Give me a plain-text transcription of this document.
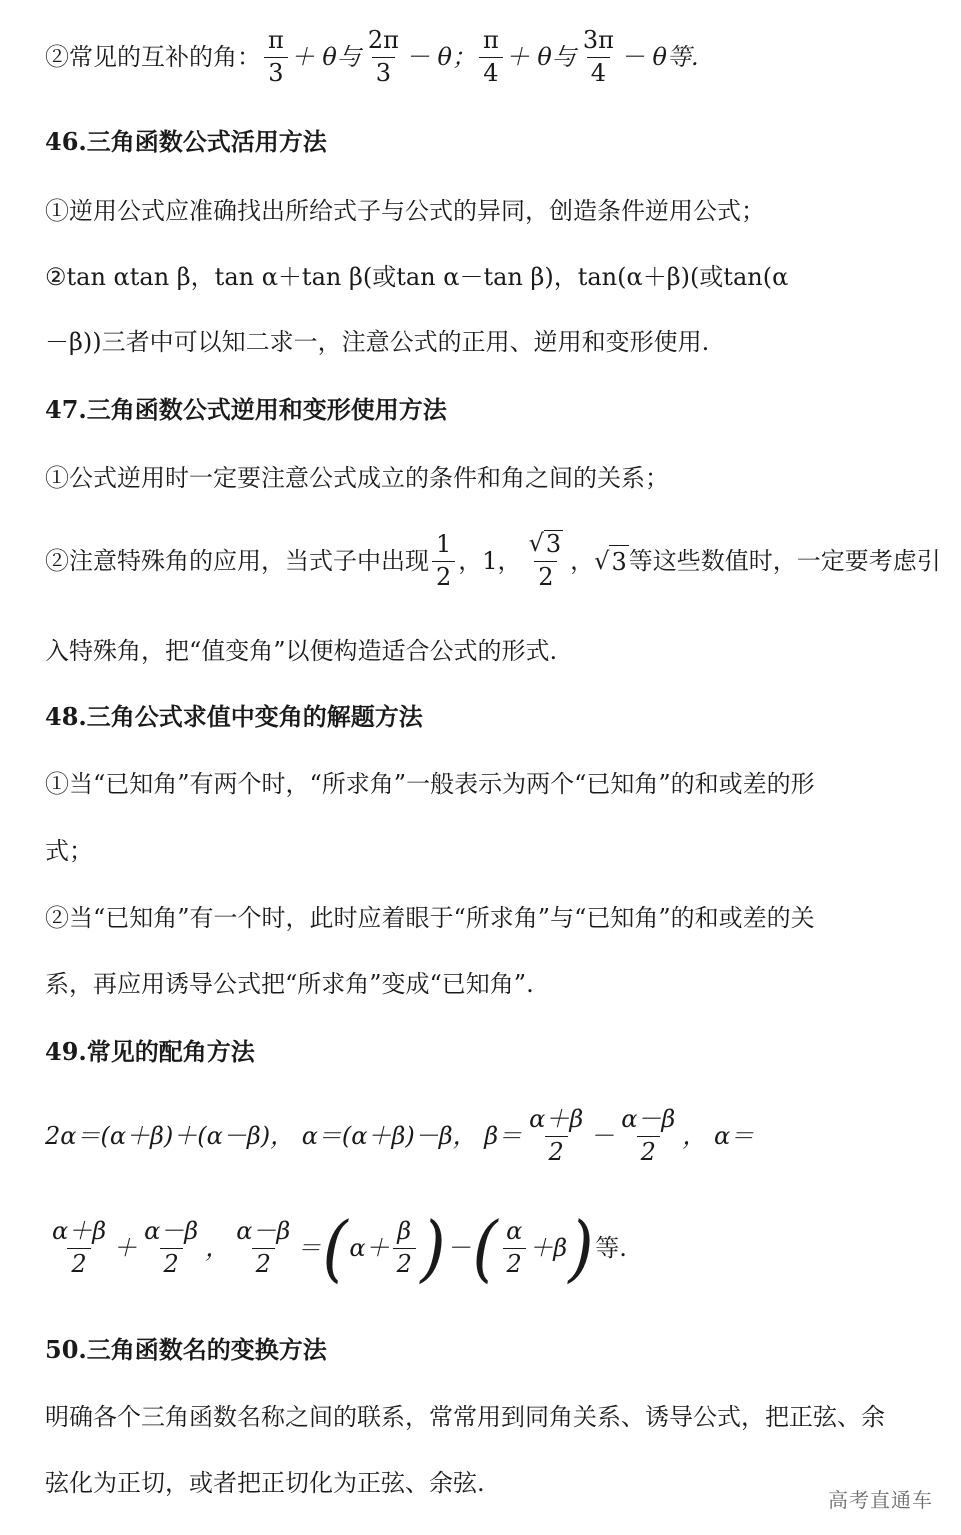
②常见的互补的角： $\frac{\pi}{3} + \theta$与 $\frac{2\pi}{3} - \theta$； $\frac{\pi}{4} + \theta$与 $\frac{3\pi}{4} - \theta$等.
46.三角函数公式活用方法
①逆用公式应准确找出所给式子与公式的异同，创造条件逆用公式；
②tan αtan β，tan α＋tan β(或tan α－tan β)，tan(α＋β)(或tan(α
－β))三者中可以知二求一，注意公式的正用、逆用和变形使用.
47.三角函数公式逆用和变形使用方法
①公式逆用时一定要注意公式成立的条件和角之间的关系；
②注意特殊角的应用，当式子中出现 $\frac{1}{2}$ ，1， $\frac{√ 3}{2}$ ， √ 3 等这些数值时，一定要考虑引
入特殊角，把“值变角”以便构造适合公式的形式.
48.三角公式求值中变角的解题方法
①当“已知角”有两个时，“所求角”一般表示为两个“已知角”的和或差的形
式；
②当“已知角”有一个时，此时应着眼于“所求角”与“已知角”的和或差的关
系，再应用诱导公式把“所求角”变成“已知角”.
49.常见的配角方法
2α＝(α＋β)＋(α－β)， α＝(α＋β)－β， $\beta= \frac{\alpha+\beta}{2} - \frac{\alpha-\beta}{2}$ ， α＝
$\frac{\alpha+\beta}{2} + \frac{\alpha-\beta}{2}$ ， $\frac{\alpha-\beta}{2}$ ＝ ( $\alpha+ \frac{\beta}{2}$ ) － ( $\frac{\alpha}{2} +\beta$ ) 等.
50.三角函数名的变换方法
明确各个三角函数名称之间的联系，常常用到同角关系、诱导公式，把正弦、余
弦化为正切，或者把正切化为正弦、余弦.
高考直通车
